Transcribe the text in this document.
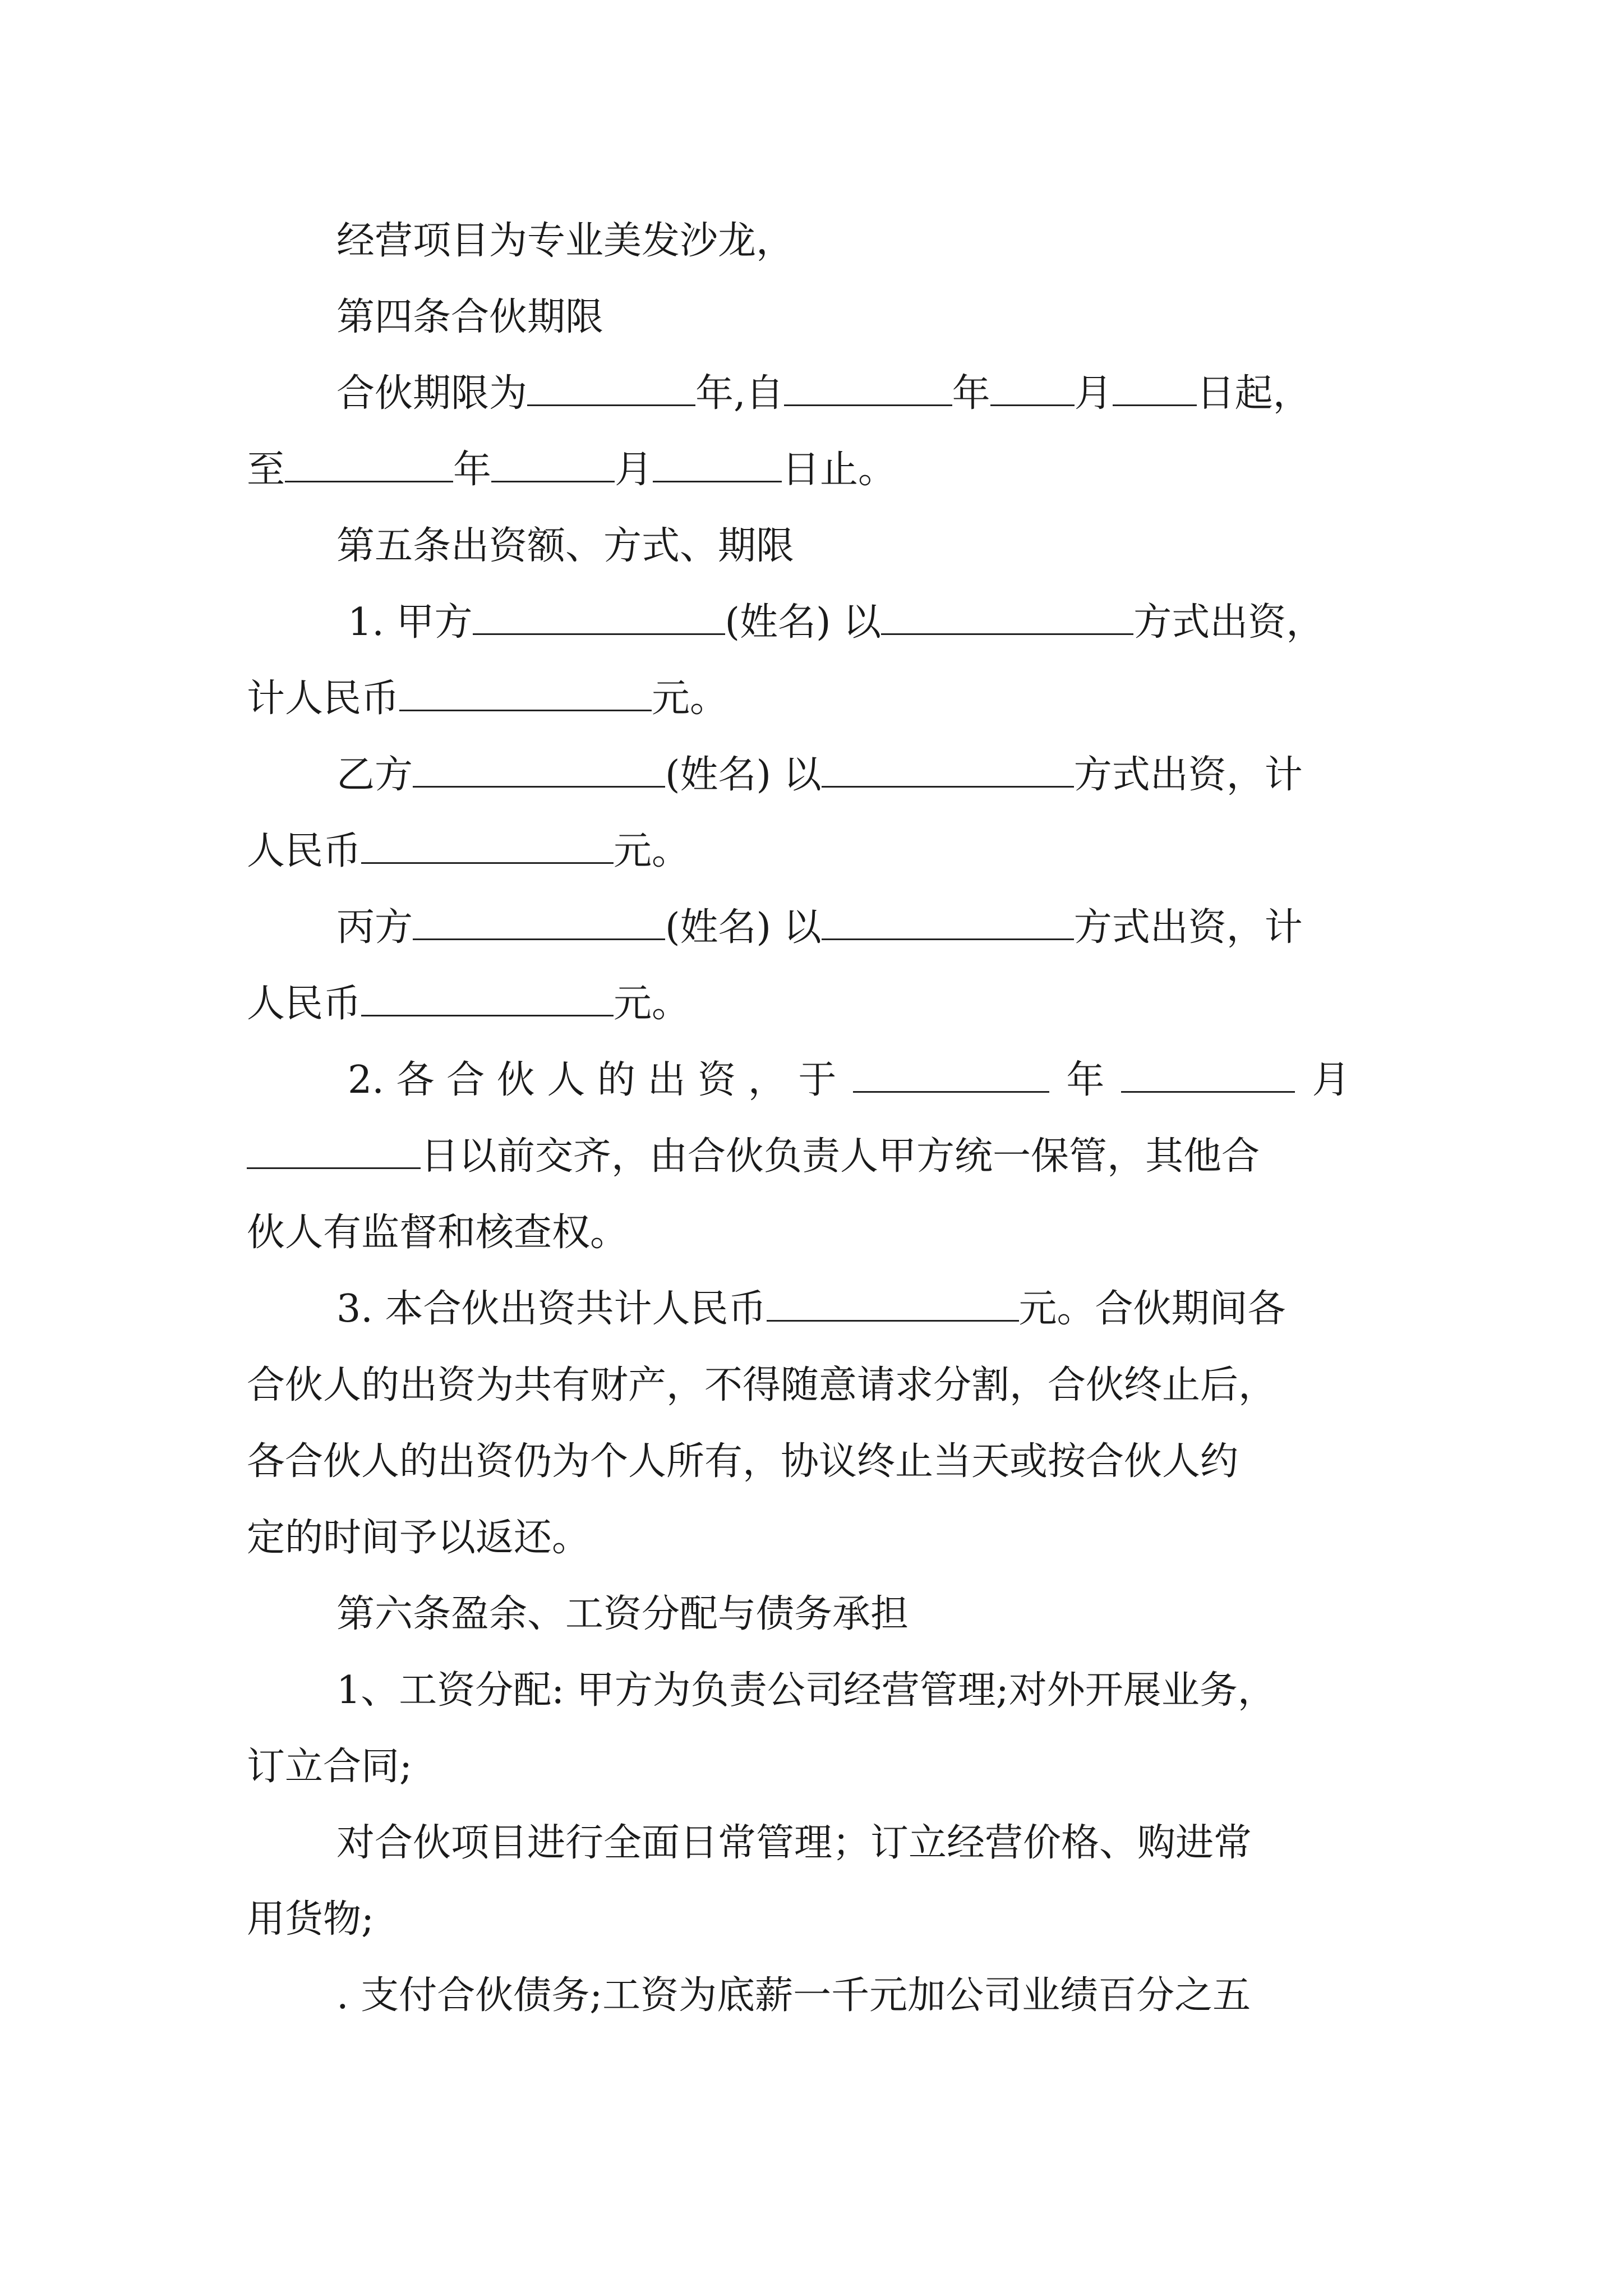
经营项目为专业美发沙龙，
第四条合伙期限
合伙期限为	年,自	年 月 日起，
至	年	月	日止。
第五条出资额、方式、期限
1. 甲方	(姓名) 以	方式出资，
计人民币	元。
乙方	(姓名) 以	方式出资，计
人民币	元。
丙方	(姓名) 以	方式出资，计
人民币	元。
2. 各 合 伙 人 的 出 资 ， 于	年	月
日以前交齐，由合伙负责人甲方统一保管，其他合
伙人有监督和核查权。
3. 本合伙出资共计人民币	元。合伙期间各
合伙人的出资为共有财产，不得随意请求分割，合伙终止后，
各合伙人的出资仍为个人所有，协议终止当天或按合伙人约
定的时间予以返还。
第六条盈余、工资分配与债务承担
1、工资分配: 甲方为负责公司经营管理;对外开展业务，
订立合同;
对合伙项目进行全面日常管理；订立经营价格、购进常
用货物;
. 支付合伙债务;工资为底薪一千元加公司业绩百分之五
